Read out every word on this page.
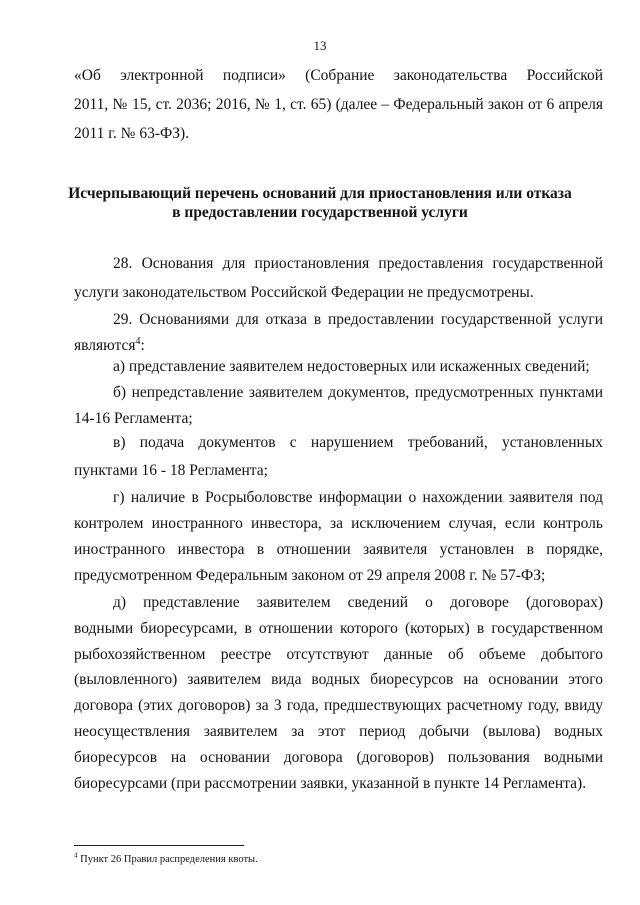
13
«Об электронной подписи» (Собрание законодательства Российской
2011, № 15, ст. 2036; 2016, № 1, ст. 65) (далее – Федеральный закон от 6 апреля
2011 г. № 63-ФЗ).
Исчерпывающий перечень оснований для приостановления или отказа
в предоставлении государственной услуги
28. Основания для приостановления предоставления государственной
услуги законодательством Российской Федерации не предусмотрены.
29. Основаниями для отказа в предоставлении государственной услуги
являются$^4$:
а) представление заявителем недостоверных или искаженных сведений;
б) непредставление заявителем документов, предусмотренных пунктами
14-16 Регламента;
в) подача документов с нарушением требований, установленных
пунктами 16 - 18 Регламента;
г) наличие в Росрыболовстве информации о нахождении заявителя под
контролем иностранного инвестора, за исключением случая, если контроль
иностранного инвестора в отношении заявителя установлен в порядке,
предусмотренном Федеральным законом от 29 апреля 2008 г. № 57-ФЗ;
д) представление заявителем сведений о договоре (договорах)
водными биоресурсами, в отношении которого (которых) в государственном
рыбохозяйственном реестре отсутствуют данные об объеме добытого
(выловленного) заявителем вида водных биоресурсов на основании этого
договора (этих договоров) за 3 года, предшествующих расчетному году, ввиду
неосуществления заявителем за этот период добычи (вылова) водных
биоресурсов на основании договора (договоров) пользования водными
биоресурсами (при рассмотрении заявки, указанной в пункте 14 Регламента).
$^4$ Пункт 26 Правил распределения квоты.
